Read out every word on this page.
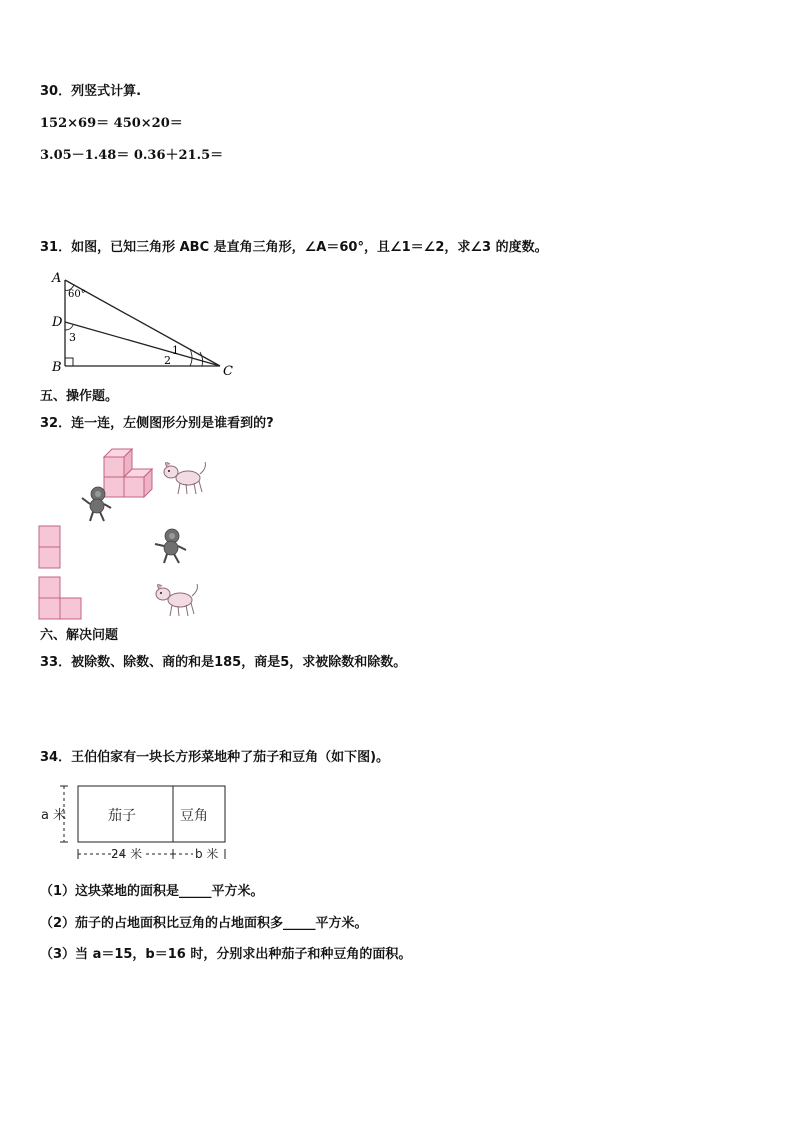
30．列竖式计算.
152×69＝ 450×20＝
3.05－1.48＝ 0.36＋21.5＝
31．如图，已知三角形 ABC 是直角三角形，∠A＝60°，且∠1＝∠2，求∠3 的度数。
A
60°
D
3
B
1
2
C
五、操作题。
32．连一连，左侧图形分别是谁看到的?
六、解决问题
33．被除数、除数、商的和是185，商是5，求被除数和除数。
34．王伯伯家有一块长方形菜地种了茄子和豆角（如下图)。
a 米	茄子	豆角
24 米	b 米
（1）这块菜地的面积是_____平方米。
（2）茄子的占地面积比豆角的占地面积多_____平方米。
（3）当 a＝15，b＝16 时，分别求出种茄子和种豆角的面积。
